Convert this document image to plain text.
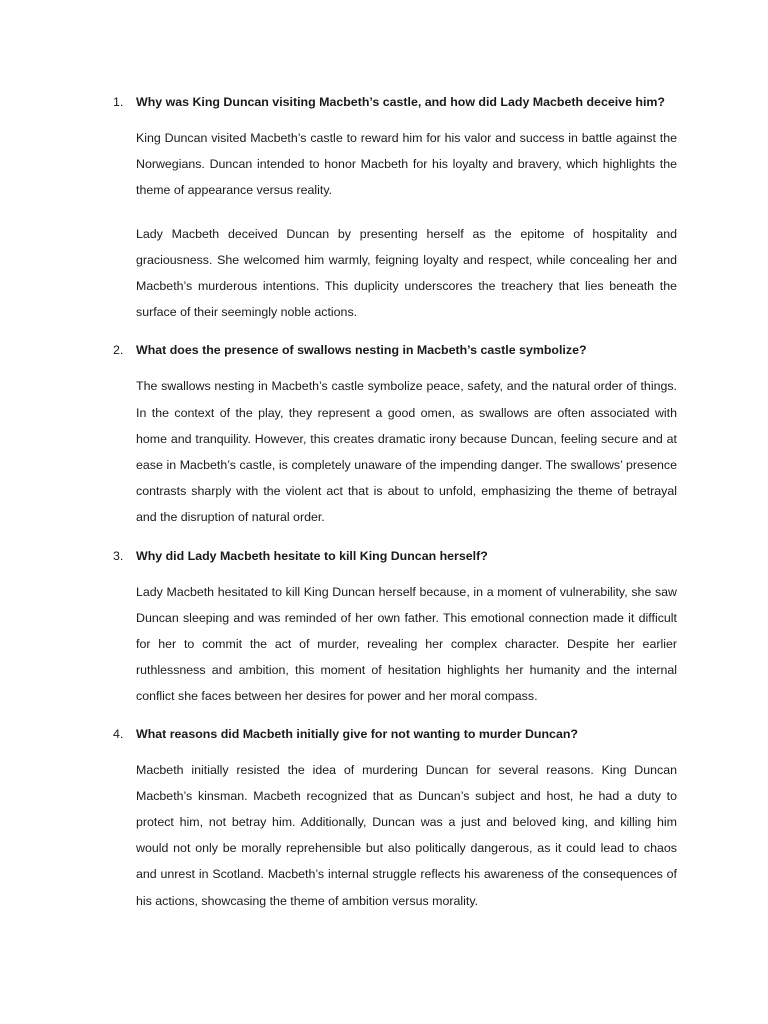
1. Why was King Duncan visiting Macbeth’s castle, and how did Lady Macbeth deceive him?

King Duncan visited Macbeth’s castle to reward him for his valor and success in battle against the Norwegians. Duncan intended to honor Macbeth for his loyalty and bravery, which highlights the theme of appearance versus reality.

Lady Macbeth deceived Duncan by presenting herself as the epitome of hospitality and graciousness. She welcomed him warmly, feigning loyalty and respect, while concealing her and Macbeth’s murderous intentions. This duplicity underscores the treachery that lies beneath the surface of their seemingly noble actions.

2. What does the presence of swallows nesting in Macbeth’s castle symbolize?

The swallows nesting in Macbeth’s castle symbolize peace, safety, and the natural order of things. In the context of the play, they represent a good omen, as swallows are often associated with home and tranquility. However, this creates dramatic irony because Duncan, feeling secure and at ease in Macbeth’s castle, is completely unaware of the impending danger. The swallows’ presence contrasts sharply with the violent act that is about to unfold, emphasizing the theme of betrayal and the disruption of natural order.

3. Why did Lady Macbeth hesitate to kill King Duncan herself?

Lady Macbeth hesitated to kill King Duncan herself because, in a moment of vulnerability, she saw Duncan sleeping and was reminded of her own father. This emotional connection made it difficult for her to commit the act of murder, revealing her complex character. Despite her earlier ruthlessness and ambition, this moment of hesitation highlights her humanity and the internal conflict she faces between her desires for power and her moral compass.

4. What reasons did Macbeth initially give for not wanting to murder Duncan?

Macbeth initially resisted the idea of murdering Duncan for several reasons. King Duncan Macbeth’s kinsman. Macbeth recognized that as Duncan’s subject and host, he had a duty to protect him, not betray him. Additionally, Duncan was a just and beloved king, and killing him would not only be morally reprehensible but also politically dangerous, as it could lead to chaos and unrest in Scotland. Macbeth’s internal struggle reflects his awareness of the consequences of his actions, showcasing the theme of ambition versus morality.
